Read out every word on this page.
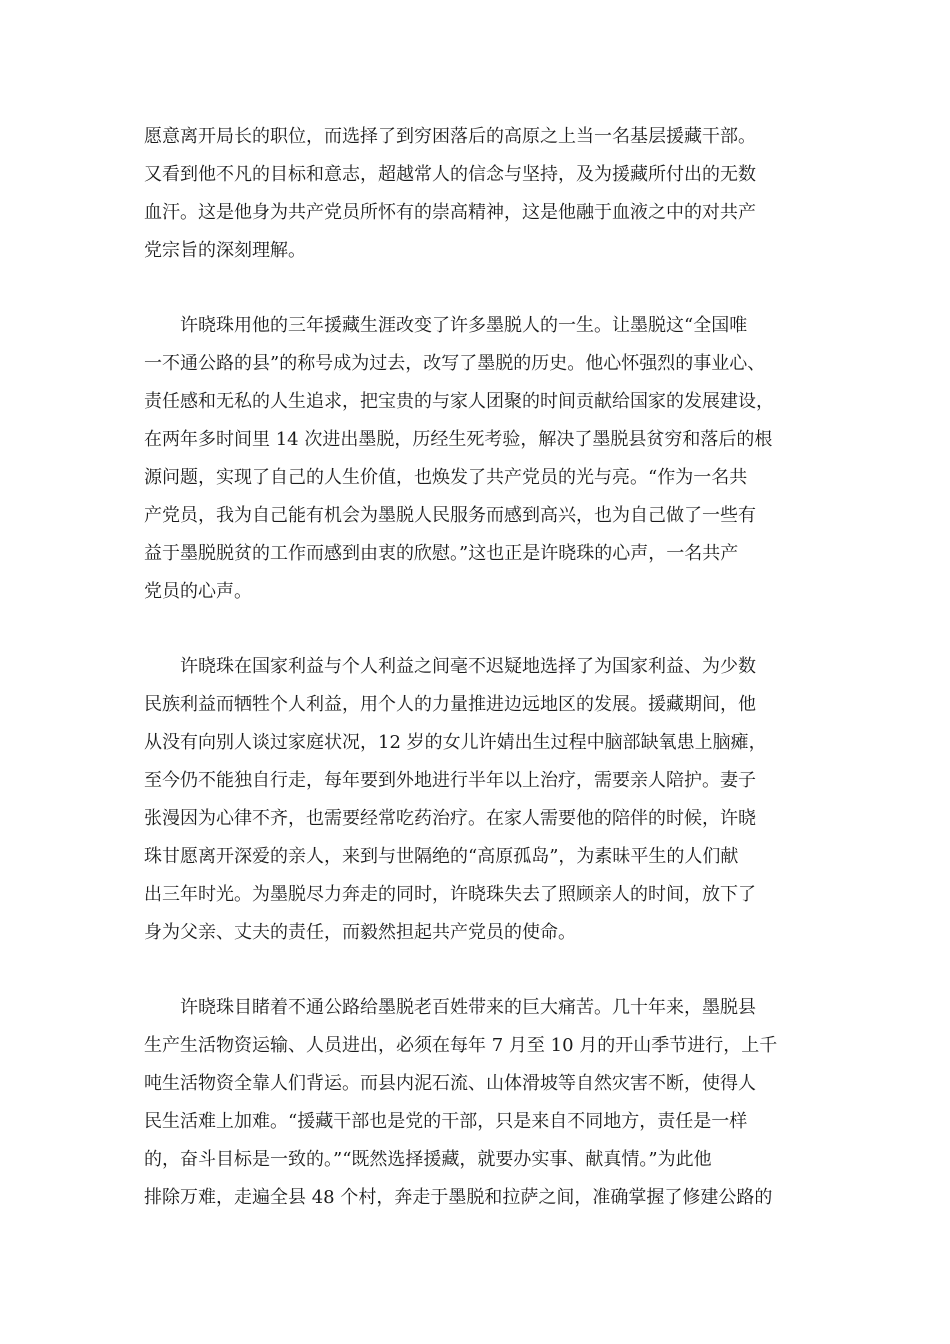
愿意离开局长的职位，而选择了到穷困落后的高原之上当一名基层援藏干部。
又看到他不凡的目标和意志，超越常人的信念与坚持，及为援藏所付出的无数
血汗。这是他身为共产党员所怀有的崇高精神，这是他融于血液之中的对共产
党宗旨的深刻理解。
许晓珠用他的三年援藏生涯改变了许多墨脱人的一生。让墨脱这“全国唯
一不通公路的县”的称号成为过去，改写了墨脱的历史。他心怀强烈的事业心、
责任感和无私的人生追求，把宝贵的与家人团聚的时间贡献给国家的发展建设，
在两年多时间里 14 次进出墨脱，历经生死考验，解决了墨脱县贫穷和落后的根
源问题，实现了自己的人生价值，也焕发了共产党员的光与亮。“作为一名共
产党员，我为自己能有机会为墨脱人民服务而感到高兴，也为自己做了一些有
益于墨脱脱贫的工作而感到由衷的欣慰。”这也正是许晓珠的心声，一名共产
党员的心声。
许晓珠在国家利益与个人利益之间毫不迟疑地选择了为国家利益、为少数
民族利益而牺牲个人利益，用个人的力量推进边远地区的发展。援藏期间，他
从没有向别人谈过家庭状况，12 岁的女儿许婧出生过程中脑部缺氧患上脑瘫，
至今仍不能独自行走，每年要到外地进行半年以上治疗，需要亲人陪护。妻子
张漫因为心律不齐，也需要经常吃药治疗。在家人需要他的陪伴的时候，许晓
珠甘愿离开深爱的亲人，来到与世隔绝的“高原孤岛”，为素昧平生的人们献
出三年时光。为墨脱尽力奔走的同时，许晓珠失去了照顾亲人的时间，放下了
身为父亲、丈夫的责任，而毅然担起共产党员的使命。
许晓珠目睹着不通公路给墨脱老百姓带来的巨大痛苦。几十年来，墨脱县
生产生活物资运输、人员进出，必须在每年 7 月至 10 月的开山季节进行，上千
吨生活物资全靠人们背运。而县内泥石流、山体滑坡等自然灾害不断，使得人
民生活难上加难。“援藏干部也是党的干部，只是来自不同地方，责任是一样
的，奋斗目标是一致的。”“既然选择援藏，就要办实事、献真情。”为此他
排除万难，走遍全县 48 个村，奔走于墨脱和拉萨之间，准确掌握了修建公路的
